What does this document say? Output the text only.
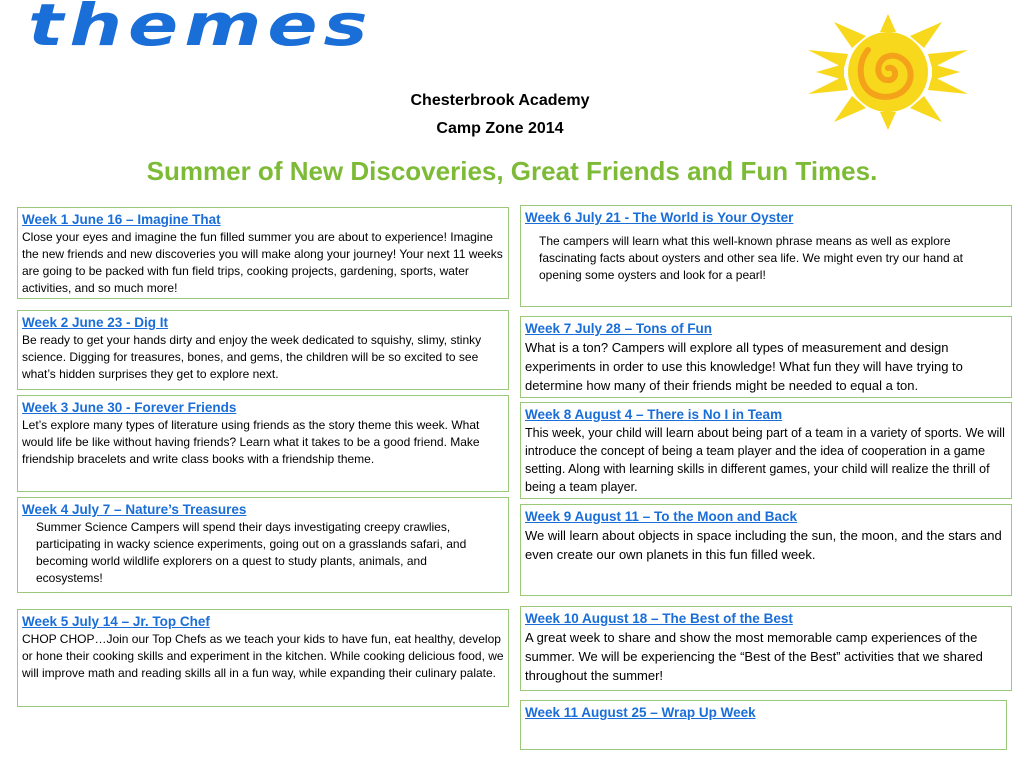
themes
Chesterbrook Academy
Camp Zone 2014
Summer of New Discoveries, Great Friends and Fun Times.
Week 1 June 16 – Imagine That
Close your eyes and imagine the fun filled summer you are about to experience! Imagine the new friends and new discoveries you will make along your journey! Your next 11 weeks are going to be packed with fun field trips, cooking projects, gardening, sports, water activities, and so much more!
Week 2 June 23 - Dig It
Be ready to get your hands dirty and enjoy the week dedicated to squishy, slimy, stinky science. Digging for treasures, bones, and gems, the children will be so excited to see what’s hidden surprises they get to explore next.
Week 3 June 30 - Forever Friends
Let’s explore many types of literature using friends as the story theme this week. What would life be like without having friends? Learn what it takes to be a good friend. Make friendship bracelets and write class books with a friendship theme.
Week 4 July 7 – Nature’s Treasures
Summer Science Campers will spend their days investigating creepy crawlies, participating in wacky science experiments, going out on a grasslands safari, and becoming world wildlife explorers on a quest to study plants, animals, and ecosystems!
Week 5 July 14 – Jr. Top Chef
CHOP CHOP…Join our Top Chefs as we teach your kids to have fun, eat healthy, develop or hone their cooking skills and experiment in the kitchen. While cooking delicious food, we will improve math and reading skills all in a fun way, while expanding their culinary palate.
Week 6 July 21 - The World is Your Oyster
The campers will learn what this well-known phrase means as well as explore fascinating facts about oysters and other sea life. We might even try our hand at opening some oysters and look for a pearl!
Week 7 July 28 – Tons of Fun
What is a ton? Campers will explore all types of measurement and design experiments in order to use this knowledge! What fun they will have trying to determine how many of their friends might be needed to equal a ton.
Week 8 August 4 – There is No I in Team
This week, your child will learn about being part of a team in a variety of sports. We will introduce the concept of being a team player and the idea of cooperation in a game setting. Along with learning skills in different games, your child will realize the thrill of being a team player.
Week 9 August 11 – To the Moon and Back
We will learn about objects in space including the sun, the moon, and the stars and even create our own planets in this fun filled week.
Week 10 August 18 – The Best of the Best
A great week to share and show the most memorable camp experiences of the summer. We will be experiencing the “Best of the Best” activities that we shared throughout the summer!
Week 11 August 25 – Wrap Up Week
